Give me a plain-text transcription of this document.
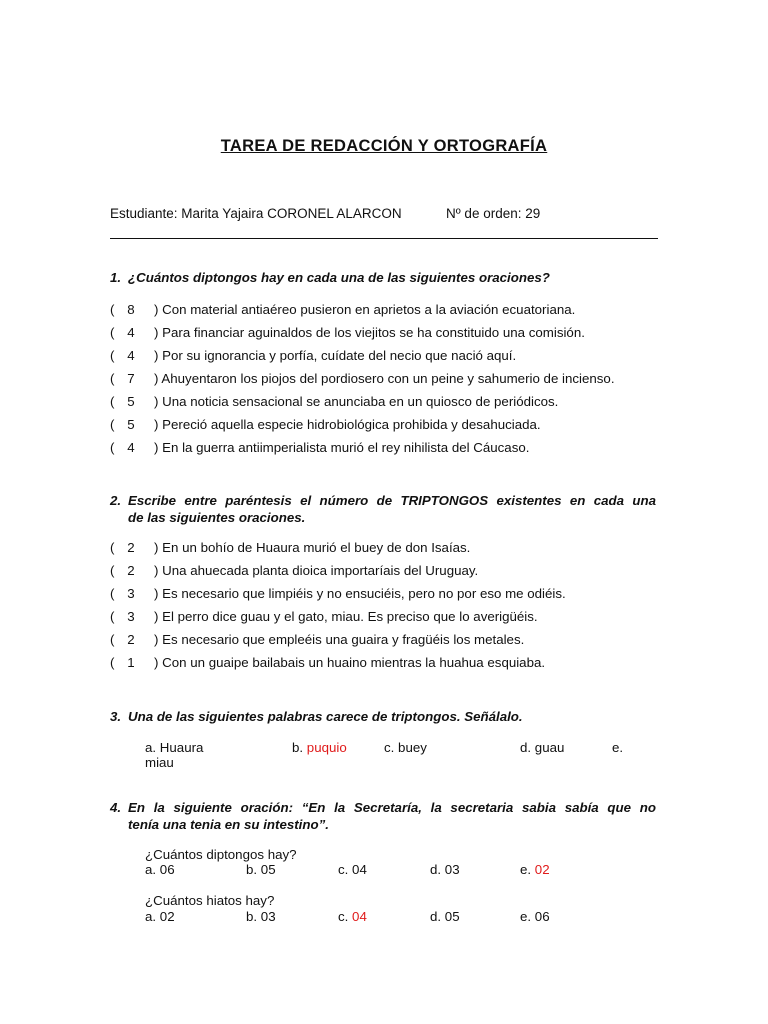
TAREA DE REDACCIÓN Y ORTOGRAFÍA
Estudiante: Marita Yajaira CORONEL ALARCON	Nº de orden: 29
1. ¿Cuántos diptongos hay en cada una de las siguientes oraciones?
( 8 ) Con material antiaéreo pusieron en aprietos a la aviación ecuatoriana.
( 4 ) Para financiar aguinaldos de los viejitos se ha constituido una comisión.
( 4 ) Por su ignorancia y porfía, cuídate del necio que nació aquí.
( 7 ) Ahuyentaron los piojos del pordiosero con un peine y sahumerio de incienso.
( 5 ) Una noticia sensacional se anunciaba en un quiosco de periódicos.
( 5 ) Pereció aquella especie hidrobiológica prohibida y desahuciada.
( 4 ) En la guerra antiimperialista murió el rey nihilista del Cáucaso.
2. Escribe entre paréntesis el número de TRIPTONGOS existentes en cada una
de las siguientes oraciones.
( 2 ) En un bohío de Huaura murió el buey de don Isaías.
( 2 ) Una ahuecada planta dioica importaríais del Uruguay.
( 3 ) Es necesario que limpiéis y no ensuciéis, pero no por eso me odiéis.
( 3 ) El perro dice guau y el gato, miau. Es preciso que lo averigüéis.
( 2 ) Es necesario que empleéis una guaira y fragüéis los metales.
( 1 ) Con un guaipe bailabais un huaino mientras la huahua esquiaba.
3. Una de las siguientes palabras carece de triptongos. Señálalo.
a. Huaura	b. puquio	c. buey	d. guau	e.
miau
4. En la siguiente oración: “En la Secretaría, la secretaria sabia sabía que no
tenía una tenia en su intestino”.
¿Cuántos diptongos hay?
a. 06	b. 05	c. 04	d. 03	e. 02
¿Cuántos hiatos hay?
a. 02	b. 03	c. 04	d. 05	e. 06
